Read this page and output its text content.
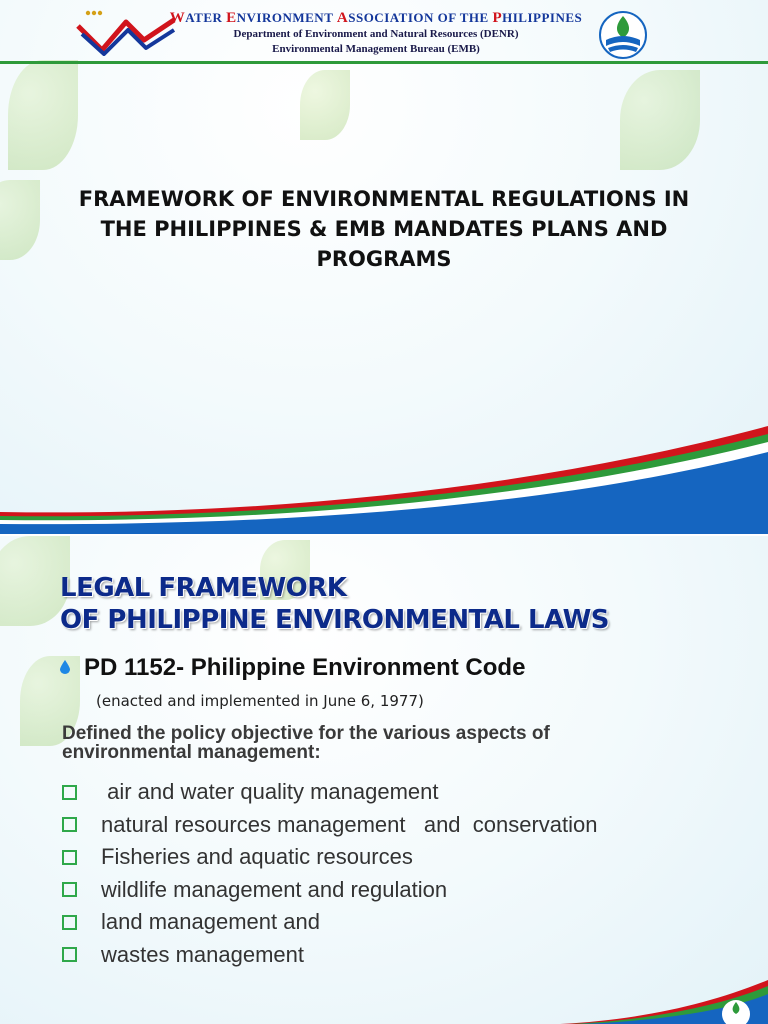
WATER ENVIRONMENT ASSOCIATION OF THE PHILIPPINES
Department of Environment and Natural Resources (DENR)
Environmental Management Bureau (EMB)
FRAMEWORK OF ENVIRONMENTAL REGULATIONS IN
THE PHILIPPINES & EMB MANDATES PLANS AND
PROGRAMS
LEGAL FRAMEWORK
OF PHILIPPINE ENVIRONMENTAL LAWS
PD 1152- Philippine Environment Code
(enacted and implemented in June 6, 1977)
Defined the policy objective for the various aspects of environmental management:
air and water quality management
natural resources management   and  conservation
Fisheries and aquatic resources
wildlife management and regulation
land management and
wastes management
